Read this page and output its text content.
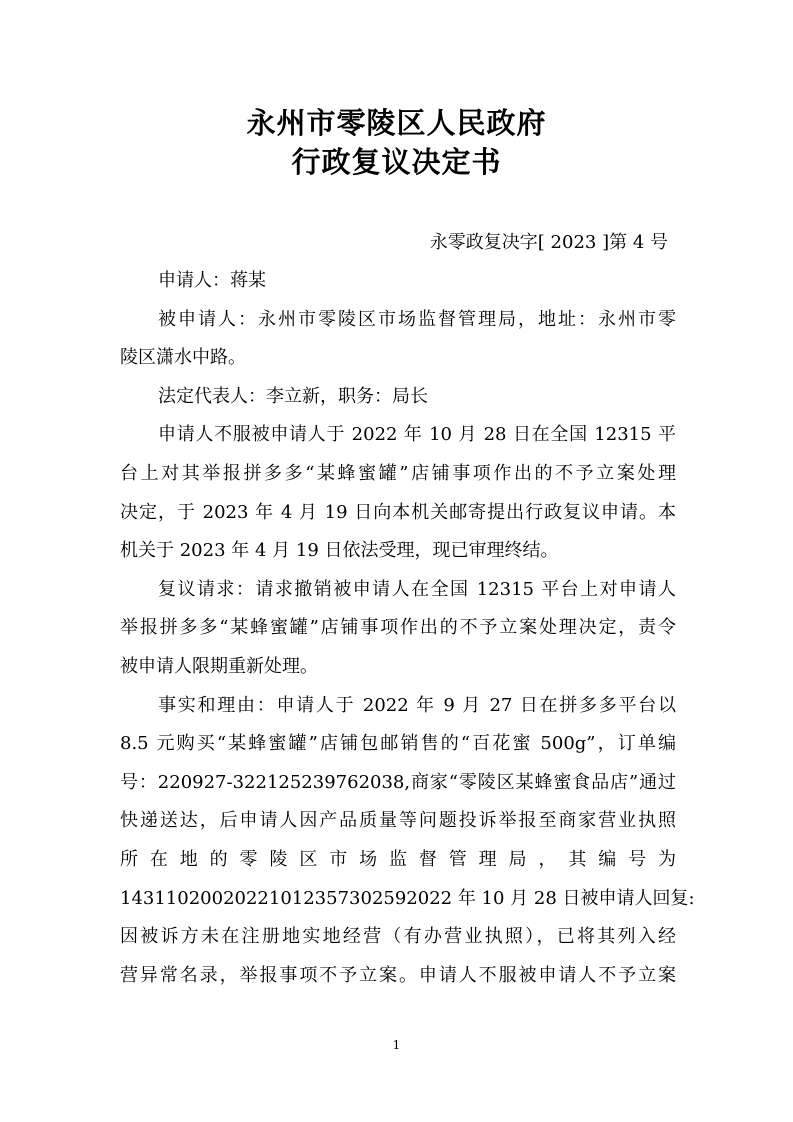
永州市零陵区人民政府
行政复议决定书
永零政复决字[ 2023 ]第 4 号
申请人：蒋某
被申请人：永州市零陵区市场监督管理局，地址：永州市零
陵区潇水中路。
法定代表人：李立新，职务：局长
申请人不服被申请人于 2022 年 10 月 28 日在全国 12315 平
台上对其举报拼多多“某蜂蜜罐”店铺事项作出的不予立案处理
决定，于 2023 年 4 月 19 日向本机关邮寄提出行政复议申请。本
机关于 2023 年 4 月 19 日依法受理，现已审理终结。
复议请求：请求撤销被申请人在全国 12315 平台上对申请人
举报拼多多“某蜂蜜罐”店铺事项作出的不予立案处理决定，责令
被申请人限期重新处理。
事实和理由：申请人于 2022 年 9 月 27 日在拼多多平台以
8.5 元购买“某蜂蜜罐”店铺包邮销售的“百花蜜 500g”，订单编
号：220927-322125239762038,商家“零陵区某蜂蜜食品店”通过
快递送达，后申请人因产品质量等问题投诉举报至商家营业执照
所在地的零陵区市场监督管理局，其编号为
14311020020221012357302592022 年 10 月 28 日被申请人回复:
因被诉方未在注册地实地经营（有办营业执照），已将其列入经
营异常名录，举报事项不予立案。申请人不服被申请人不予立案
1
